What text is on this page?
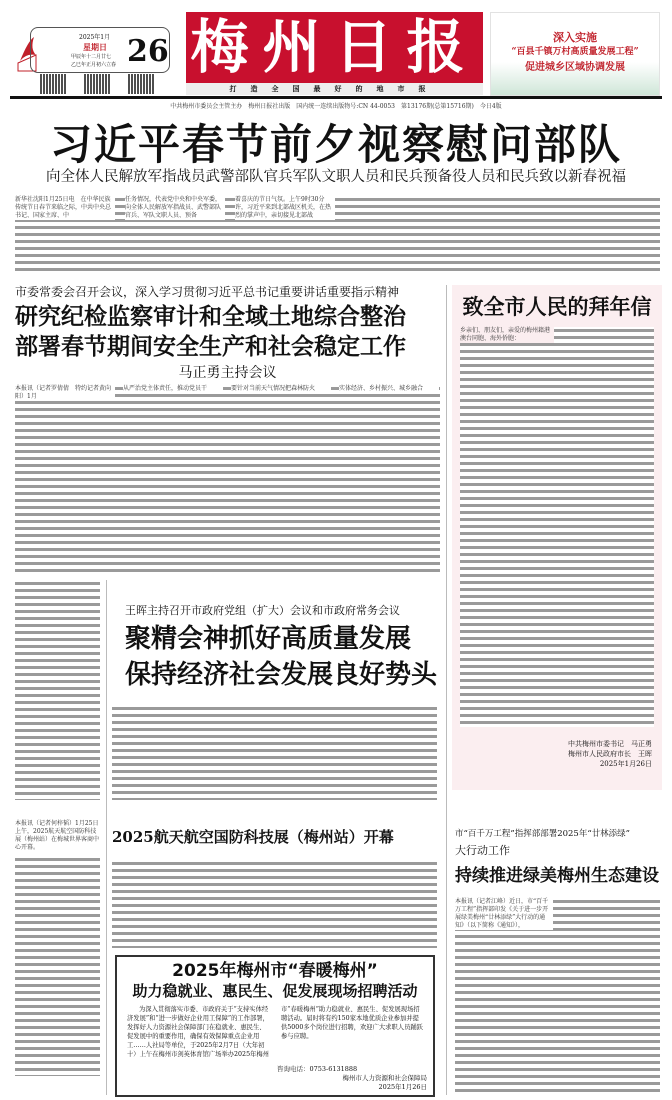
2025年1月
星期日
甲辰年十二月廿七
乙巳年正月初六立春 26 梅州日报
打造全国最好的地市报
深入实施
“百县千镇万村高质量发展工程”
促进城乡区域协调发展
中共梅州市委员会主管主办　梅州日报社出版　国内统一连续出版物号:CN 44-0053　第13176期(总第15716期)　今日4版
习近平春节前夕视察慰问部队
向全体人民解放军指战员武警部队官兵军队文职人员和民兵预备役人员和民兵致以新春祝福
新华社沈阳1月25日电　在中华民族传统节日春节来临之际，中共中央总书记、国家主席、中
任务情况，代表党中央和中央军委，向全体人民解放军指战员、武警部队官兵、军队文职人员、预备
着喜庆的节日气氛。上午9时30分许，习近平来到北部战区机关，在热烈的掌声中，亲切接见北部战
市委常委会召开会议，深入学习贯彻习近平总书记重要讲话重要指示精神
研究纪检监察审计和全域土地综合整治
部署春节期间安全生产和社会稳定工作
马正勇主持会议
本报讯（记者罗倩倩　特约记者黄向阳）1月
从严治党主体责任，推动党员干	要针对当前天气情况把森林防火	实体经济、乡村振兴、城乡融合
致全市人民的拜年信
乡亲们、朋友们，亲爱的梅州籍港澳台同胞、海外侨胞：
中共梅州市委书记　马正勇
梅州市人民政府市长　王晖
2025年1月26日
王晖主持召开市政府党组（扩大）会议和市政府常务会议
聚精会神抓好高质量发展
保持经济社会发展良好势头
本报讯（记者何梓韬）1月25日上午，2025航天航空国防科技展（梅州站）在梅城世界客商中心开幕。
2025航天航空国防科技展（梅州站）开幕
2025年梅州市“春暖梅州”
助力稳就业、惠民生、促发展现场招聘活动
为深入贯彻落实市委、市政府关于“支持实体经济发展”和“进一步做好企业用工保障”的工作部署，发挥好人力资源社会保障部门在稳就业、惠民生、促发展中的重要作用，确保有效保障重点企业用工……人社局等单位，于2025年2月7日（大年初十）上午在梅州市剑英体育馆广场举办2025年梅州市“春暖梅州”助力稳就业、惠民生、促发展现场招聘活动。届时将有约150家本地优质企业参加并提供5000多个岗位进行招聘，欢迎广大求职人员踊跃参与应聘。
咨询电话：0753-6131888
梅州市人力资源和社会保障局
2025年1月26日
市“百千万工程”指挥部部署2025年“廿林添绿”
大行动工作
持续推进绿美梅州生态建设
本报讯（记者江峰）近日，市“百千万工程”指挥部印发《关于进一步开展绿美梅州“廿林添绿”大行动的通知》（以下简称《通知》），
